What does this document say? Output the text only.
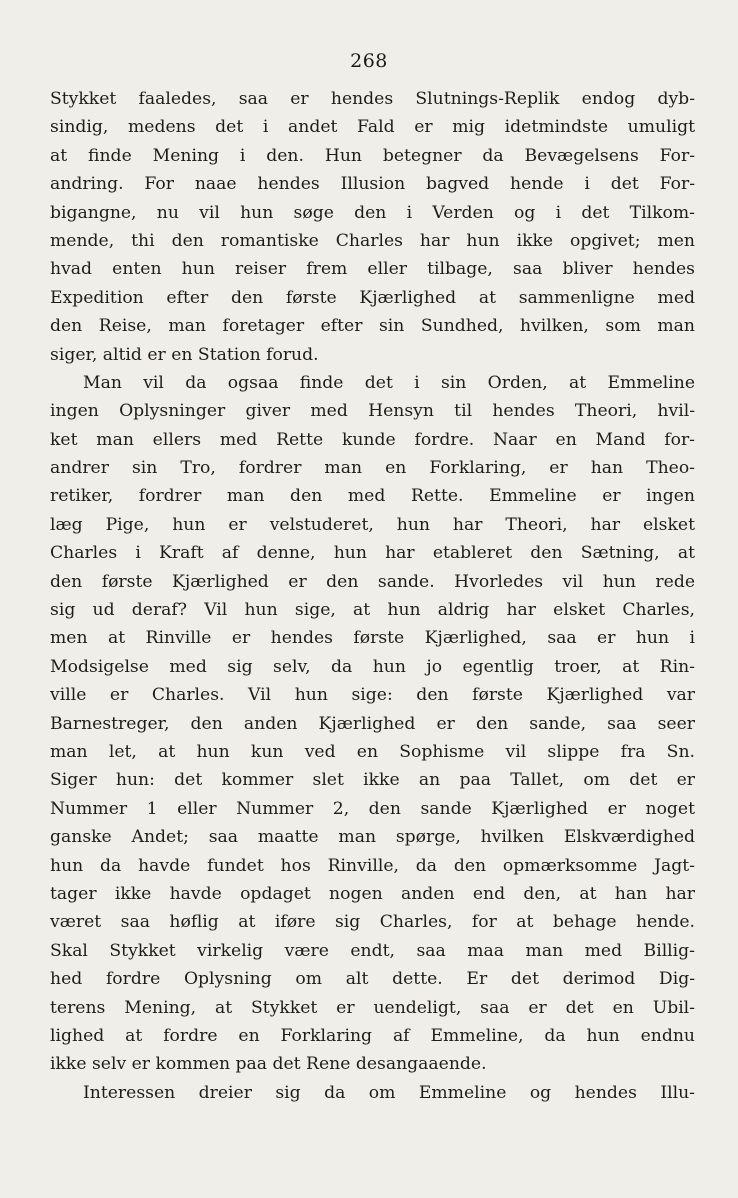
268
Stykket faaledes, saa er hendes Slutnings-Replik endog dyb-
sindig, medens det i andet Fald er mig idetmindste umuligt
at finde Mening i den. Hun betegner da Bevægelsens For-
andring. For naae hendes Illusion bagved hende i det For-
bigangne, nu vil hun søge den i Verden og i det Tilkom-
mende, thi den romantiske Charles har hun ikke opgivet; men
hvad enten hun reiser frem eller tilbage, saa bliver hendes
Expedition efter den første Kjærlighed at sammenligne med
den Reise, man foretager efter sin Sundhed, hvilken, som man
siger, altid er en Station forud.
Man vil da ogsaa finde det i sin Orden, at Emmeline
ingen Oplysninger giver med Hensyn til hendes Theori, hvil-
ket man ellers med Rette kunde fordre. Naar en Mand for-
andrer sin Tro, fordrer man en Forklaring, er han Theo-
retiker, fordrer man den med Rette. Emmeline er ingen
læg Pige, hun er velstuderet, hun har Theori, har elsket
Charles i Kraft af denne, hun har etableret den Sætning, at
den første Kjærlighed er den sande. Hvorledes vil hun rede
sig ud deraf? Vil hun sige, at hun aldrig har elsket Charles,
men at Rinville er hendes første Kjærlighed, saa er hun i
Modsigelse med sig selv, da hun jo egentlig troer, at Rin-
ville er Charles. Vil hun sige: den første Kjærlighed var
Barnestreger, den anden Kjærlighed er den sande, saa seer
man let, at hun kun ved en Sophisme vil slippe fra Sn.
Siger hun: det kommer slet ikke an paa Tallet, om det er
Nummer 1 eller Nummer 2, den sande Kjærlighed er noget
ganske Andet; saa maatte man spørge, hvilken Elskværdighed
hun da havde fundet hos Rinville, da den opmærksomme Jagt-
tager ikke havde opdaget nogen anden end den, at han har
været saa høflig at iføre sig Charles, for at behage hende.
Skal Stykket virkelig være endt, saa maa man med Billig-
hed fordre Oplysning om alt dette. Er det derimod Dig-
terens Mening, at Stykket er uendeligt, saa er det en Ubil-
lighed at fordre en Forklaring af Emmeline, da hun endnu
ikke selv er kommen paa det Rene desangaaende.
Interessen dreier sig da om Emmeline og hendes Illu-
